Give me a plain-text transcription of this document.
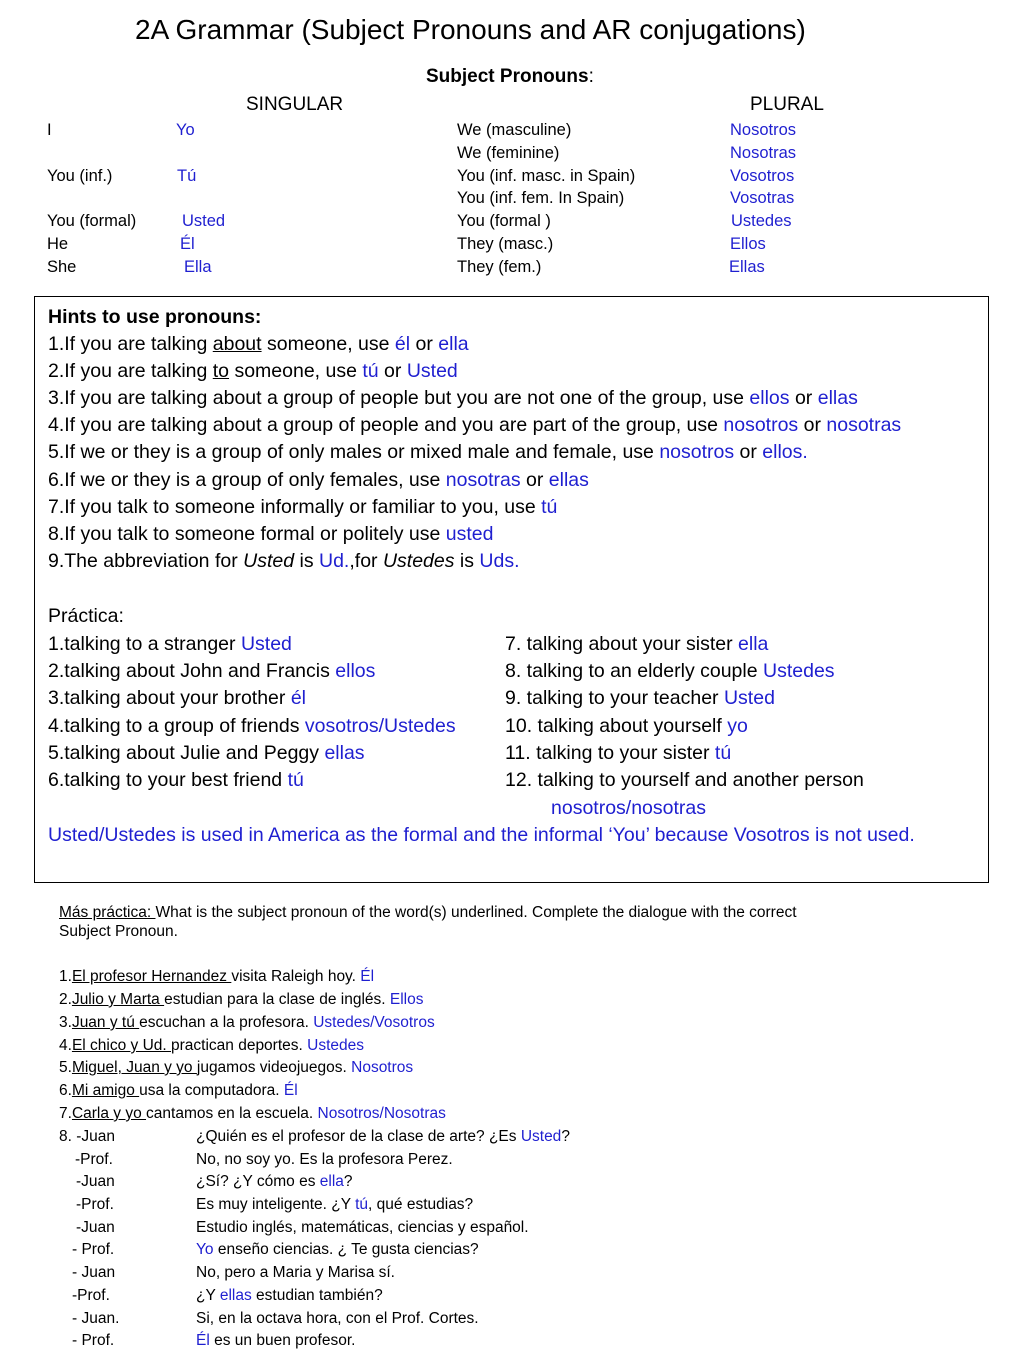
2A Grammar (Subject Pronouns and AR conjugations)
Subject Pronouns:
SINGULAR	PLURAL
I	Yo	We (masculine)	Nosotros
We (feminine)	Nosotras
You (inf.)	Tú	You (inf. masc. in Spain)	Vosotros
You (inf. fem. In Spain)	Vosotras
You (formal)	Usted	You (formal )	Ustedes
He	Él	They (masc.)	Ellos
She	Ella	They (fem.)	Ellas
Hints to use pronouns:
1.If you are talking about someone, use él or ella
2.If you are talking to someone, use tú or Usted
3.If you are talking about a group of people but you are not one of the group, use ellos or ellas
4.If you are talking about a group of people and you are part of the group, use nosotros or nosotras
5.If we or they is a group of only males or mixed male and female, use nosotros or ellos.
6.If we or they is a group of only females, use nosotras or ellas
7.If you talk to someone informally or familiar to you, use tú
8.If you talk to someone formal or politely use usted
9.The abbreviation for Usted is Ud.,for Ustedes is Uds.
Práctica:
1.talking to a stranger Usted
2.talking about John and Francis ellos
3.talking about your brother él
4.talking to a group of friends vosotros/Ustedes
5.talking about Julie and Peggy ellas
6.talking to your best friend tú
7. talking about your sister ella
8. talking to an elderly couple Ustedes
9. talking to your teacher Usted
10. talking about yourself yo
11. talking to your sister tú
12. talking to yourself and another person
nosotros/nosotras
Usted/Ustedes is used in America as the formal and the informal ‘You’ because Vosotros is not used.
Más práctica: What is the subject pronoun of the word(s) underlined. Complete the dialogue with the correct
Subject Pronoun.
1.El profesor Hernandez visita Raleigh hoy. Él
2.Julio y Marta estudian para la clase de inglés. Ellos
3.Juan y tú escuchan a la profesora. Ustedes/Vosotros
4.El chico y Ud. practican deportes. Ustedes
5.Miguel, Juan y yo jugamos videojuegos. Nosotros
6.Mi amigo usa la computadora. Él
7.Carla y yo cantamos en la escuela. Nosotros/Nosotras
8. -Juan	¿Quién es el profesor de la clase de arte? ¿Es Usted?
-Prof.	No, no soy yo. Es la profesora Perez.
-Juan	¿Sí? ¿Y cómo es ella?
-Prof.	Es muy inteligente. ¿Y tú, qué estudias?
-Juan	Estudio inglés, matemáticas, ciencias y español.
- Prof.	Yo enseño ciencias. ¿ Te gusta ciencias?
- Juan	No, pero a Maria y Marisa sí.
-Prof.	¿Y ellas estudian también?
- Juan.	Si, en la octava hora, con el Prof. Cortes.
- Prof.	Él es un buen profesor.
